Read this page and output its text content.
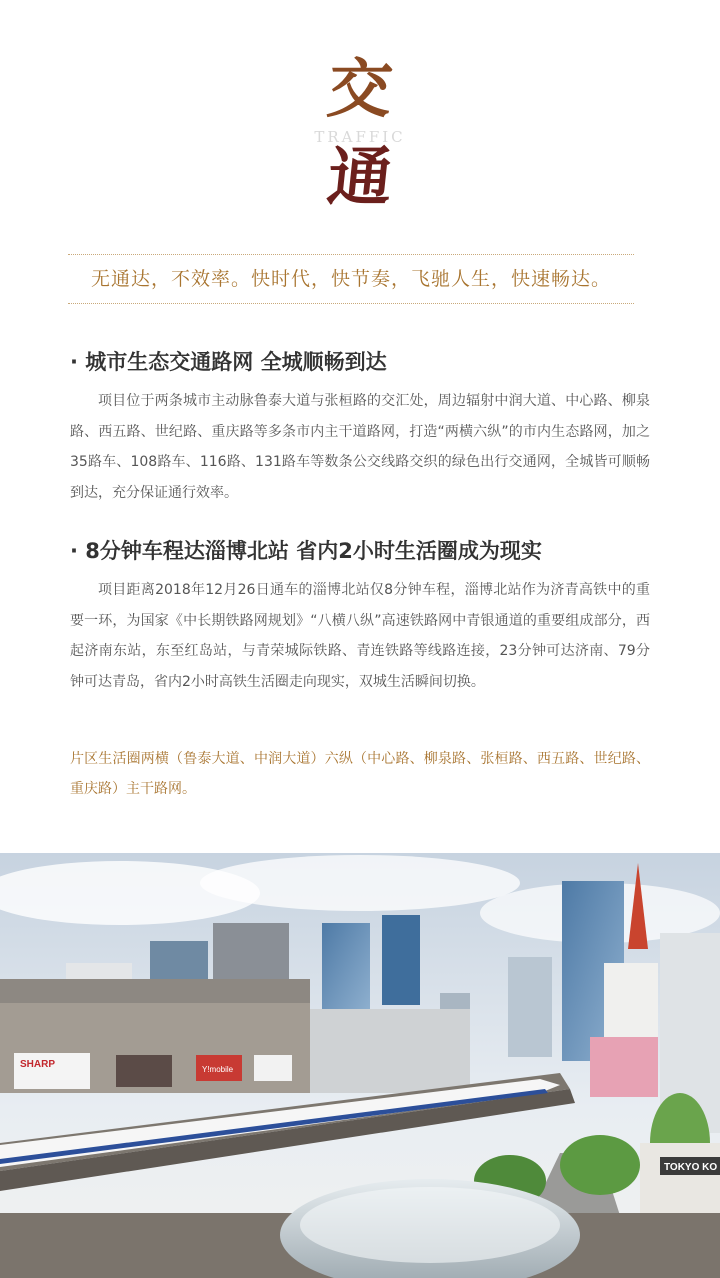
交
TRAFFIC
通
无通达，不效率。快时代，快节奏，飞驰人生，快速畅达。
· 城市生态交通路网 全城顺畅到达

项目位于两条城市主动脉鲁泰大道与张桓路的交汇处，周边辐射中润大道、中心路、柳泉路、西五路、世纪路、重庆路等多条市内主干道路网，打造“两横六纵”的市内生态路网，加之35路车、108路车、116路、131路车等数条公交线路交织的绿色出行交通网，全城皆可顺畅到达，充分保证通行效率。

· 8分钟车程达淄博北站 省内2小时生活圈成为现实

项目距离2018年12月26日通车的淄博北站仅8分钟车程，淄博北站作为济青高铁中的重要一环，为国家《中长期铁路网规划》“八横八纵”高速铁路网中青银通道的重要组成部分，西起济南东站，东至红岛站，与青荣城际铁路、青连铁路等线路连接，23分钟可达济南、79分钟可达青岛，省内2小时高铁生活圈走向现实，双城生活瞬间切换。

片区生活圈两横（鲁泰大道、中润大道）六纵（中心路、柳泉路、张桓路、西五路、世纪路、重庆路）主干路网。
SHARP	Y!mobile
TOKYO KO
